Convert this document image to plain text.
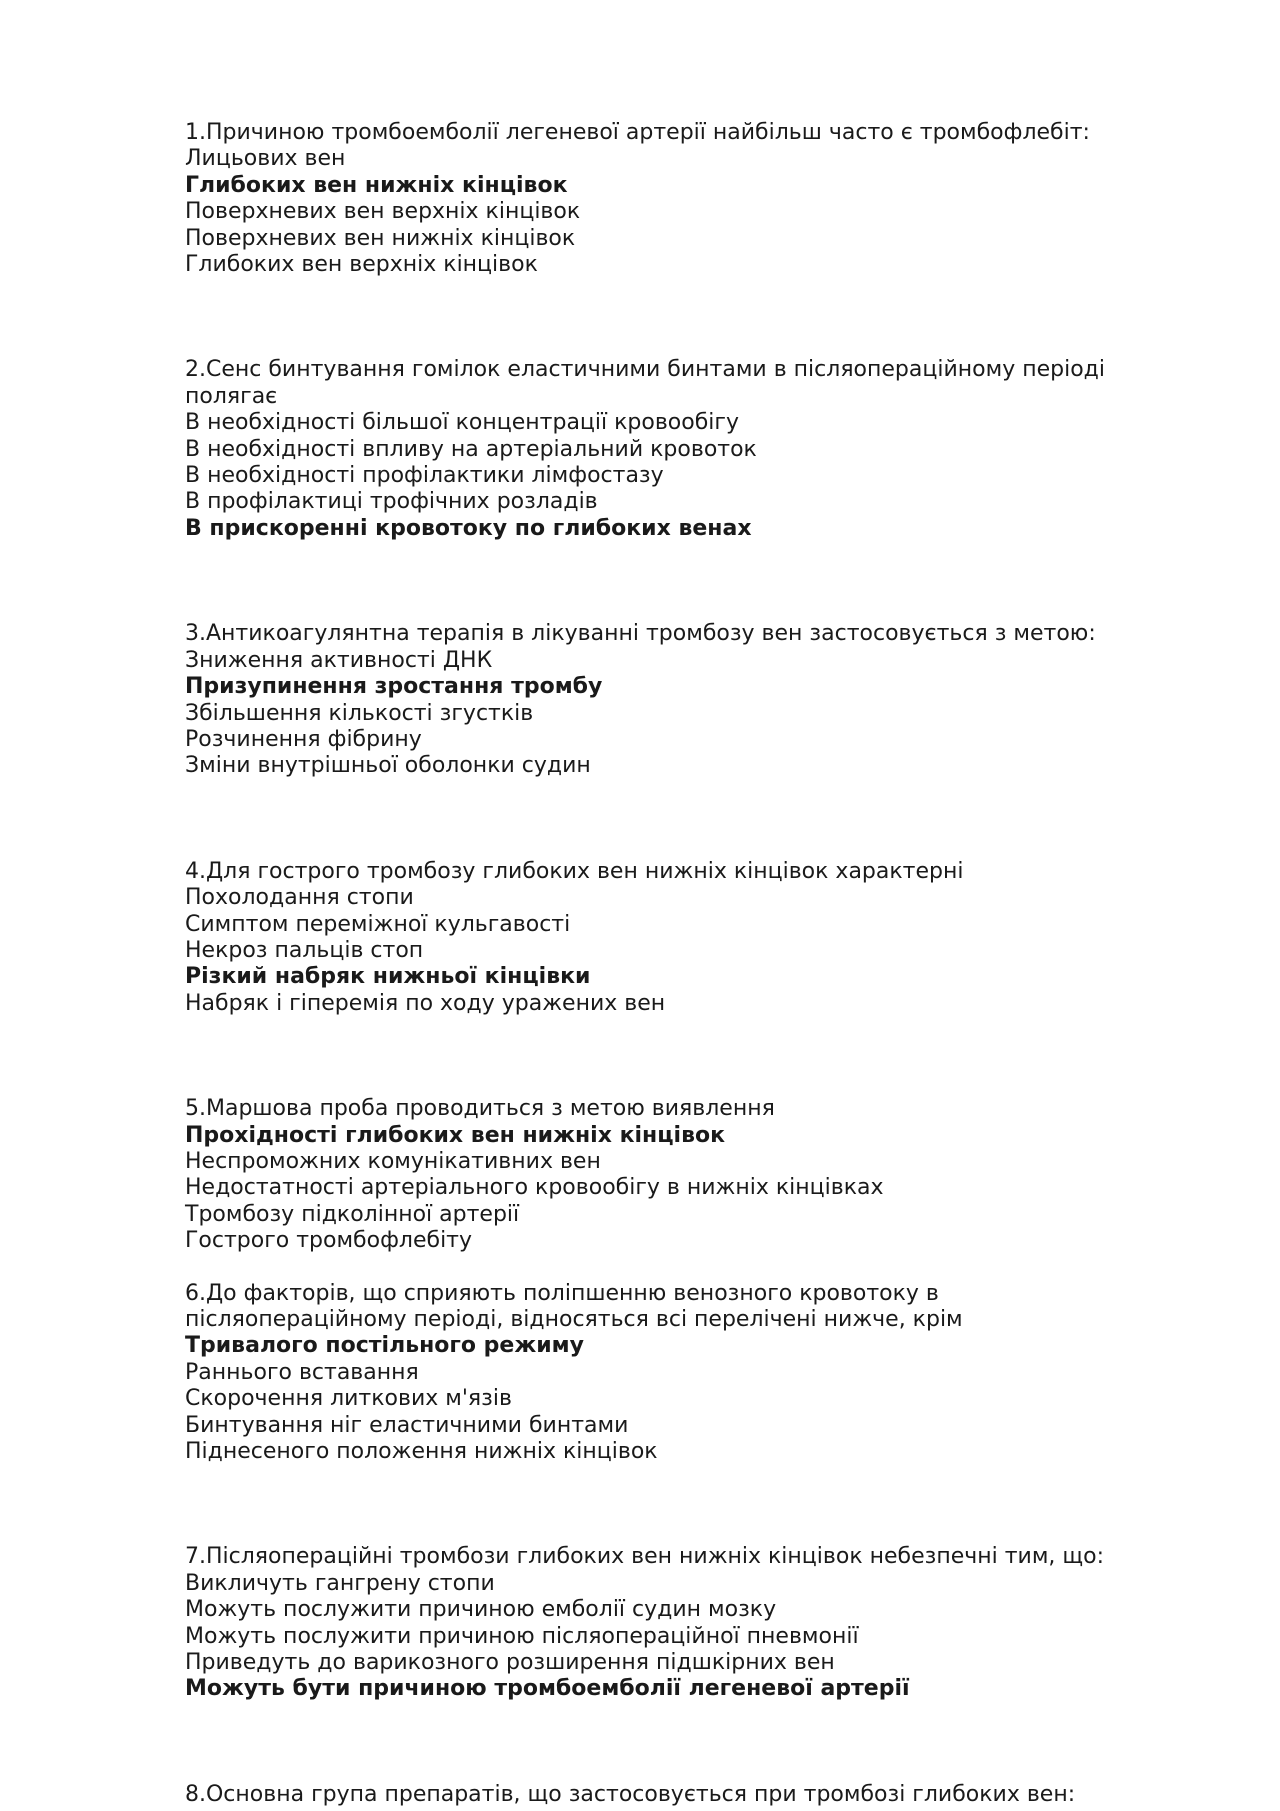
1.Причиною тромбоемболії легеневої артерії найбільш часто є тромбофлебіт:
Лицьових вен
Глибоких вен нижніх кінцівок
Поверхневих вен верхніх кінцівок
Поверхневих вен нижніх кінцівок
Глибоких вен верхніх кінцівок
2.Сенс бинтування гомілок еластичними бинтами в післяопераційному періоді полягає
В необхідності більшої концентрації кровообігу
В необхідності впливу на артеріальний кровоток
В необхідності профілактики лімфостазу
В профілактиці трофічних розладів
В прискоренні кровотоку по глибоких венах
3.Антикоагулянтна терапія в лікуванні тромбозу вен застосовується з метою:
Зниження активності ДНК
Призупинення зростання тромбу
Збільшення кількості згустків
Розчинення фібрину
Зміни внутрішньої оболонки судин
4.Для гострого тромбозу глибоких вен нижніх кінцівок характерні
Похолодання стопи
Симптом переміжної кульгавості
Некроз пальців стоп
Різкий набряк нижньої кінцівки
Набряк і гіперемія по ходу уражених вен
5.Маршова проба проводиться з метою виявлення
Прохідності глибоких вен нижніх кінцівок
Неспроможних комунікативних вен
Недостатності артеріального кровообігу в нижніх кінцівках
Тромбозу підколінної артерії
Гострого тромбофлебіту
6.До факторів, що сприяють поліпшенню венозного кровотоку в післяопераційному періоді, відносяться всі перелічені нижче, крім
Тривалого постільного режиму
Раннього вставання
Скорочення литкових м'язів
Бинтування ніг еластичними бинтами
Піднесеного положення нижніх кінцівок
7.Післяопераційні тромбози глибоких вен нижніх кінцівок небезпечні тим, що:
Викличуть гангрену стопи
Можуть послужити причиною емболії судин мозку
Можуть послужити причиною післяопераційної пневмонії
Приведуть до варикозного розширення підшкірних вен
Можуть бути причиною тромбоемболії легеневої артерії
8.Основна група препаратів, що застосовується при тромбозі глибоких вен:
